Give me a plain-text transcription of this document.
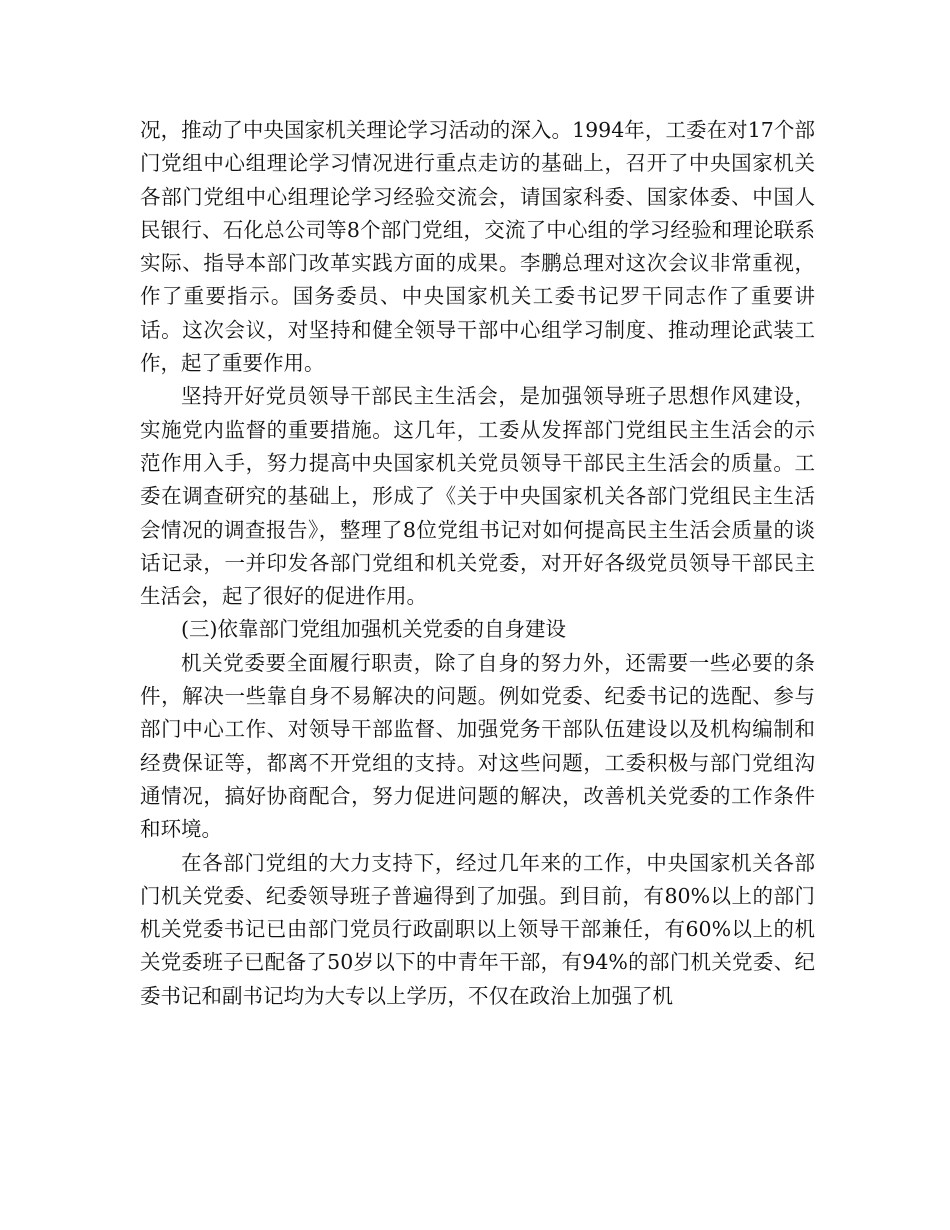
况，推动了中央国家机关理论学习活动的深入。1994年，工委在对17个部门党组中心组理论学习情况进行重点走访的基础上，召开了中央国家机关各部门党组中心组理论学习经验交流会，请国家科委、国家体委、中国人民银行、石化总公司等8个部门党组，交流了中心组的学习经验和理论联系实际、指导本部门改革实践方面的成果。李鹏总理对这次会议非常重视，作了重要指示。国务委员、中央国家机关工委书记罗干同志作了重要讲话。这次会议，对坚持和健全领导干部中心组学习制度、推动理论武装工作，起了重要作用。

坚持开好党员领导干部民主生活会，是加强领导班子思想作风建设，实施党内监督的重要措施。这几年，工委从发挥部门党组民主生活会的示范作用入手，努力提高中央国家机关党员领导干部民主生活会的质量。工委在调查研究的基础上，形成了《关于中央国家机关各部门党组民主生活会情况的调查报告》，整理了8位党组书记对如何提高民主生活会质量的谈话记录，一并印发各部门党组和机关党委，对开好各级党员领导干部民主生活会，起了很好的促进作用。

(三)依靠部门党组加强机关党委的自身建设

机关党委要全面履行职责，除了自身的努力外，还需要一些必要的条件，解决一些靠自身不易解决的问题。例如党委、纪委书记的选配、参与部门中心工作、对领导干部监督、加强党务干部队伍建设以及机构编制和经费保证等，都离不开党组的支持。对这些问题，工委积极与部门党组沟通情况，搞好协商配合，努力促进问题的解决，改善机关党委的工作条件和环境。

在各部门党组的大力支持下，经过几年来的工作，中央国家机关各部门机关党委、纪委领导班子普遍得到了加强。到目前，有80%以上的部门机关党委书记已由部门党员行政副职以上领导干部兼任，有60%以上的机关党委班子已配备了50岁以下的中青年干部，有94%的部门机关党委、纪委书记和副书记均为大专以上学历，不仅在政治上加强了机
